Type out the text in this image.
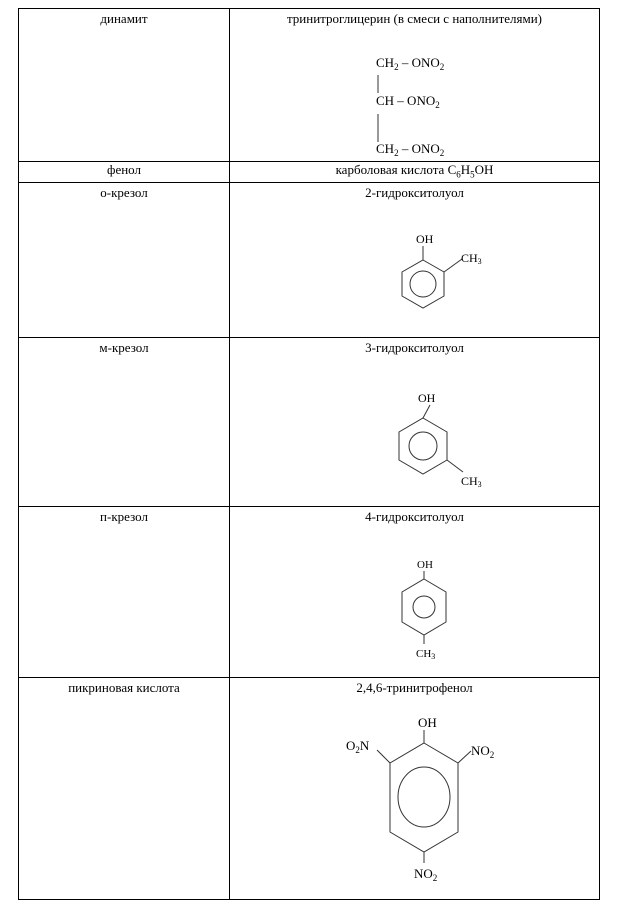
динамит	тринитроглицерин (в смеси с наполнителями)
$CH_2 - ONO_2$
CH – $ONO_2$
$CH_2 - ONO_2$

фенол	карболовая кислота $C_6H_5OH$

о-крезол	2-гидрокситолуол
OH
CH3

м-крезол	3-гидрокситолуол
OH
CH3

п-крезол	4-гидрокситолуол
OH
CH3

пикриновая кислота	2,4,6-тринитрофенол
OH
$O_2N$ $NO_2$
$NO_2$
